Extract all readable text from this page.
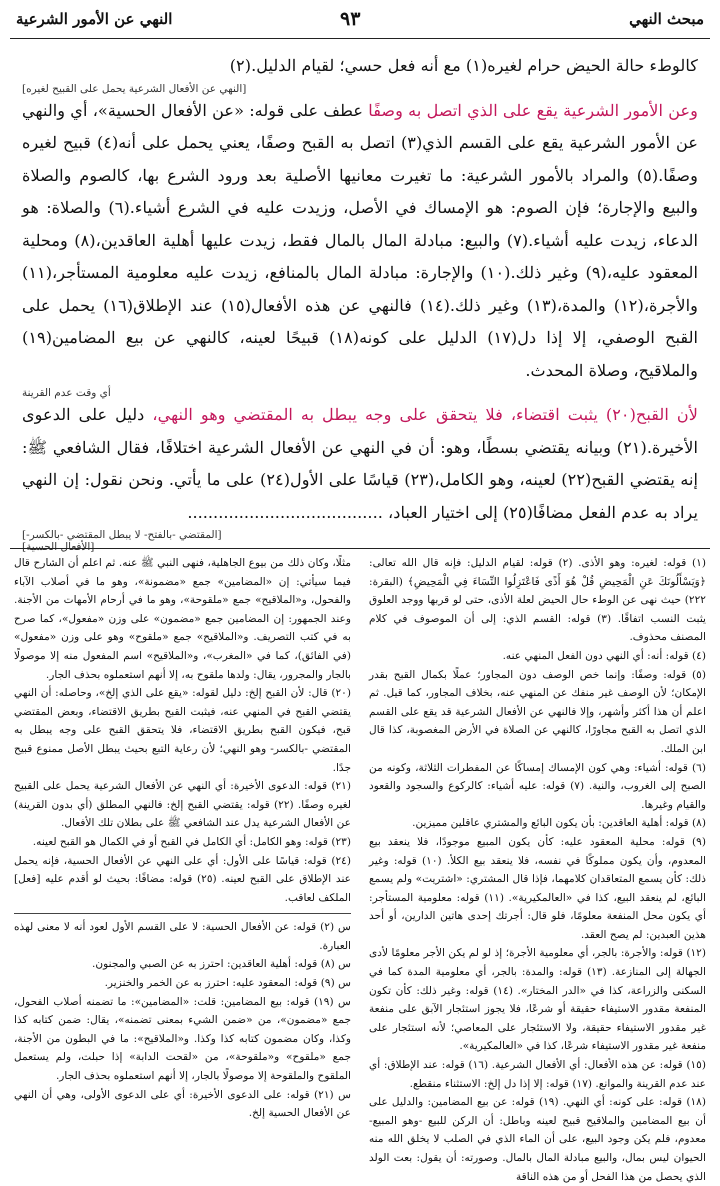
مبحث النهي
٩٣
النهي عن الأمور الشرعية

كالوطء حالة الحيض حرام لغيره(١) مع أنه فعل حسي؛ لقيام الدليل.(٢)

[النهي عن الأفعال الشرعية يحمل على القبيح لغيره]

وعن الأمور الشرعية يقع على الذي اتصل به وصفًا عطف على قوله: «عن الأفعال الحسية»، أي والنهي عن الأمور الشرعية يقع على القسم الذي(٣) اتصل به القبح وصفًا، يعني يحمل على أنه(٤) قبيح لغيره وصفًا.(٥) والمراد بالأمور الشرعية: ما تغيرت معانيها الأصلية بعد ورود الشرع بها، كالصوم والصلاة والبيع والإجارة؛ فإن الصوم: هو الإمساك في الأصل، وزيدت عليه في الشرع أشياء.(٦) والصلاة: هو الدعاء، زيدت عليه أشياء.(٧) والبيع: مبادلة المال بالمال فقط، زيدت عليها أهلية العاقدين،(٨) ومحلية المعقود عليه،(٩) وغير ذلك.(١٠) والإجارة: مبادلة المال بالمنافع، زيدت عليه معلومية المستأجر،(١١) والأجرة،(١٢) والمدة،(١٣) وغير ذلك.(١٤) فالنهي عن هذه الأفعال(١٥) عند الإطلاق(١٦) يحمل على القبح الوصفي، إلا إذا دل(١٧) الدليل على كونه(١٨) قبيحًا لعينه، كالنهي عن بيع المضامين(١٩) والملاقيح، وصلاة المحدث.

أي وقت عدم القرينة

لأن القبح(٢٠) يثبت اقتضاء، فلا يتحقق على وجه يبطل به المقتضي وهو النهي، دليل على الدعوى الأخيرة.(٢١) وبيانه يقتضي بسطًا، وهو: أن في النهي عن الأفعال الشرعية اختلافًا، فقال الشافعي ﷺ: إنه يقتضي القبح(٢٢) لعينه، وهو الكامل،(٢٣) قياسًا على الأول(٢٤) على ما يأتي. ونحن نقول: إن النهي يراد به عدم الفعل مضافًا(٢٥) إلى اختيار العباد، ......................................

[المقتضي -بالفتح- لا يبطل المقتضي -بالكسر-]
[الأفعال الحسية]

(١) قوله: لغيره: وهو الأذى. (٢) قوله: لقيام الدليل: فإنه قال الله تعالى: ﴿وَيَسْأَلُونَكَ عَنِ الْمَحِيضِ قُلْ هُوَ أَذًى فَاعْتَزِلُوا النِّسَاءَ فِي الْمَحِيضِ﴾ (البقرة: ٢٢٢) حيث نهى عن الوطء حال الحيض لعلة الأذى، حتى لو قربها ووجد العلوق يثبت النسب اتفاقًا. (٣) قوله: القسم الذي: إلى أن الموصوف في كلام المصنف محذوف.

(٤) قوله: أنه: أي النهي دون الفعل المنهي عنه.

(٥) قوله: وصفًا: وإنما خص الوصف دون المجاور؛ عملًا بكمال القبح بقدر الإمكان؛ لأن الوصف غير منفك عن المنهي عنه، بخلاف المجاور، كما قيل. ثم اعلم أن هذا أكثر وأشهر، وإلا فالنهي عن الأفعال الشرعية قد يقع على القسم الذي اتصل به القبح مجاورًا، كالنهي عن الصلاة في الأرض المغصوبة، كذا قال ابن الملك.

(٦) قوله: أشياء: وهي كون الإمساك إمساكًا عن المفطرات الثلاثة، وكونه من الصبح إلى الغروب، والنية. (٧) قوله: عليه أشياء: كالركوع والسجود والقعود والقيام وغيرها.

(٨) قوله: أهلية العاقدين: بأن يكون البائع والمشتري عاقلين مميزين.

(٩) قوله: محلية المعقود عليه: كأن يكون المبيع موجودًا، فلا ينعقد بيع المعدوم، وأن يكون مملوكًا في نفسه، فلا ينعقد بيع الكلأ. (١٠) قوله: وغير ذلك: كأن يسمع المتعاقدان كلامهما، فإذا قال المشتري: «اشتريت» ولم يسمع البائع، لم ينعقد البيع، كذا في «العالمكيرية». (١١) قوله: معلومية المستأجر: أي يكون محل المنفعة معلومًا، فلو قال: أجرتك إحدى هاتين الدارين، أو أحد هذين العبدين: لم يصح العقد.

(١٢) قوله: والأجرة: بالجر، أي معلومية الأجرة؛ إذ لو لم يكن الأجر معلومًا لأدى الجهالة إلى المنازعة. (١٣) قوله: والمدة: بالجر، أي معلومية المدة كما في السكنى والزراعة، كذا في «الدر المختار». (١٤) قوله: وغير ذلك: كأن تكون المنفعة مقدور الاستيفاء حقيقة أو شرعًا، فلا يجوز استئجار الآبق على منفعة غير مقدور الاستيفاء حقيقة، ولا الاستئجار على المعاصي؛ لأنه استئجار على منفعة غير مقدور الاستيفاء شرعًا، كذا في «العالمكيرية».

(١٥) قوله: عن هذه الأفعال: أي الأفعال الشرعية. (١٦) قوله: عند الإطلاق: أي عند عدم القرينة والموانع. (١٧) قوله: إلا إذا دل إلخ: الاستثناء منقطع.

(١٨) قوله: على كونه: أي النهي. (١٩) قوله: عن بيع المضامين: والدليل على أن بيع المضامين والملاقيح قبيح لعينه وباطل: أن الركن للبيع -وهو المبيع- معدوم، فلم يكن وجود البيع، على أن الماء الذي في الصلب لا يخلق الله منه الحيوان ليس بمال، والبيع مبادلة المال بالمال. وصورته: أن يقول: بعت الولد الذي يحصل من هذا الفحل أو من هذه الناقة

مثلًا، وكان ذلك من بيوع الجاهلية، فنهى النبي ﷺ عنه. ثم اعلم أن الشارح قال فيما سيأتي: إن «المضامين» جمع «مضمونة»، وهو ما في أصلاب الآباء والفحول، و«الملاقيح» جمع «ملقوحة»، وهو ما في أرحام الأمهات من الأجنة. وعند الجمهور: إن المضامين جمع «مضمون» على وزن «مفعول»، كما صرح به في كتب التصريف. و«الملاقيح» جمع «ملقوح» وهو على وزن «مفعول» (في الفائق)، كما في «المغرب»، و«الملاقيح» اسم المفعول منه إلا موصولًا بالجار والمجرور، يقال: ولدها ملقوح به، إلا أنهم استعملوه بحذف الجار.

(٢٠) قال: لأن القبح إلخ: دليل لقوله: «يقع على الذي إلخ»، وحاصله: أن النهي يقتضي القبح في المنهي عنه، فيثبت القبح بطريق الاقتضاء، وبعض المقتضي قبح، فيكون القبح بطريق الاقتضاء، فلا يتحقق القبح على وجه يبطل به المقتضي -بالكسر- وهو النهي؛ لأن رعاية التبع بحيث يبطل الأصل ممنوع قبيح جدًا.

(٢١) قوله: الدعوى الأخيرة: أي النهي عن الأفعال الشرعية يحمل على القبيح لغيره وصفًا. (٢٢) قوله: يقتضي القبح إلخ: فالنهي المطلق (أي بدون القرينة) عن الأفعال الشرعية يدل عند الشافعي ﷺ على بطلان تلك الأفعال.

(٢٣) قوله: وهو الكامل: أي الكامل في القبح أو في الكمال هو القبح لعينه.

(٢٤) قوله: قياسًا على الأول: أي على النهي عن الأفعال الحسية، فإنه يحمل عند الإطلاق على القبح لعينه. (٢٥) قوله: مضافًا: بحيث لو أقدم عليه [فعل] الملكف لعاقب.

س (٢) قوله: عن الأفعال الحسية: لا على القسم الأول لعود أنه لا معنى لهذه العبارة.

س (٨) قوله: أهلية العاقدين: احترز به عن الصبي والمجنون.

س (٩) قوله: المعقود عليه: احترز به عن الخمر والخنزير.

س (١٩) قوله: بيع المضامين: قلت: «المضامين»: ما تضمنه أصلاب الفحول، جمع «مضمون»، من «ضمن الشيء بمعنى تضمنه»، يقال: ضمن كتابه كذا وكذا، وكان مضمون كتابه كذا وكذا. و«الملاقيح»: ما في البطون من الأجنة، جمع «ملقوح» و«ملقوحة»، من «لقحت الدابة» إذا حبلت، ولم يستعمل الملقوح والملقوحة إلا موصولًا بالجار، إلا أنهم استعملوه بحذف الجار.

س (٢١) قوله: على الدعوى الأخيرة: أي على الدعوى الأولى، وهي أن النهي عن الأفعال الحسية إلخ.
